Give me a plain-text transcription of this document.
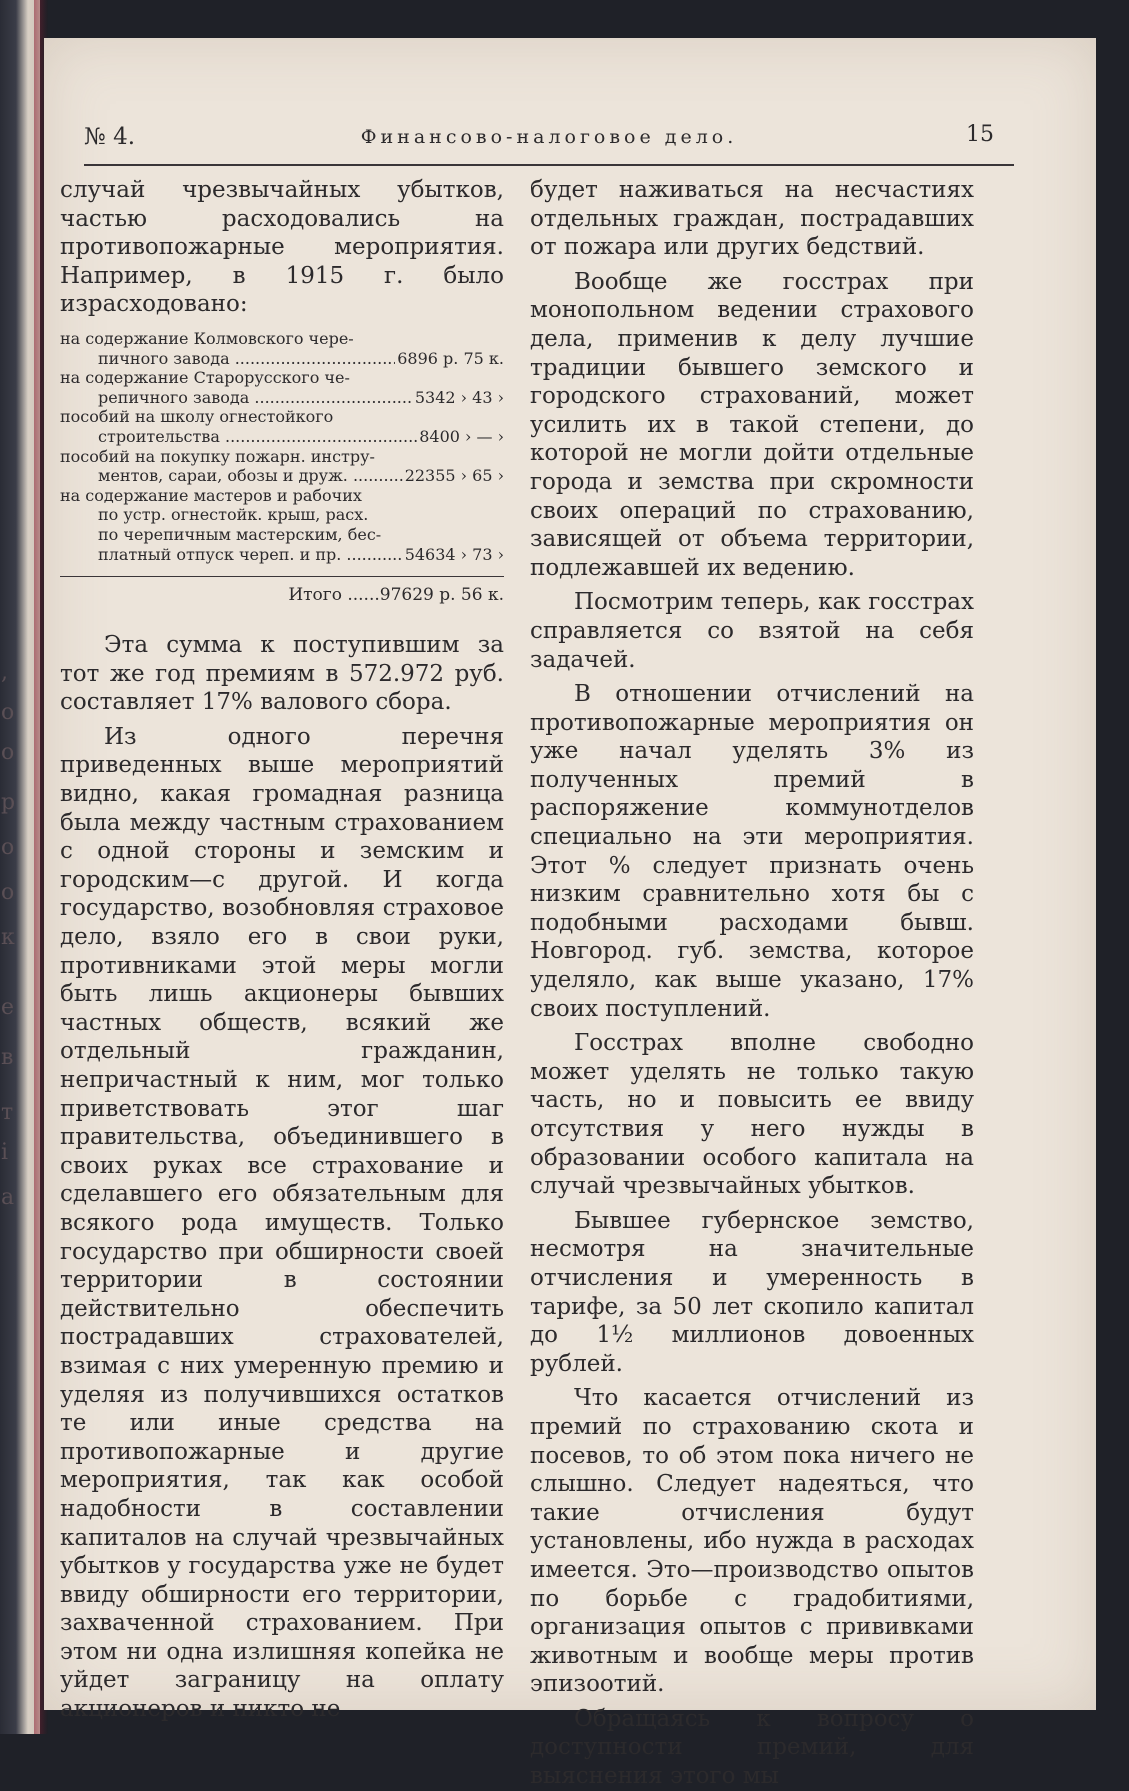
,
о
о
р
о
о
к
е
в
т
і
а
№ 4.	Финансово-налоговое дело.	15

случай чрезвычайных убытков, частью расходовались на противопожарные мероприятия. Например, в 1915 г. было израсходовано:

на содержание Колмовского чере-
пичного завода .....	6896 р. 75 к.
на содержание Старорусского че-
репичного завода .....	5342 › 43 ›
пособий на школу огнестойкого
строительства .....	8400 › — ›
пособий на покупку пожарн. инстру-
ментов, сараи, обозы и друж. .....	22355 › 65 ›
на содержание мастеров и рабочих
по устр. огнестойк. крыш, расх.
по черепичным мастерским, бес-
платный отпуск череп. и пр. .....	54634 › 73 ›
Итого ......97629 р. 56 к.

Эта сумма к поступившим за тот же год премиям в 572.972 руб. составляет 17% валового сбора.

Из одного перечня приведенных выше мероприятий видно, какая громадная разница была между частным страхованием с одной стороны и земским и городским—с другой. И когда государство, возобновляя страховое дело, взяло его в свои руки, противниками этой меры могли быть лишь акционеры бывших частных обществ, всякий же отдельный гражданин, непричастный к ним, мог только приветствовать этог шаг правительства, объединившего в своих руках все страхование и сделавшего его обязательным для всякого рода имуществ. Только государство при обширности своей территории в состоянии действительно обеспечить пострадавших страхователей, взимая с них умеренную премию и уделяя из получившихся остатков те или иные средства на противопожарные и другие мероприятия, так как особой надобности в составлении капиталов на случай чрезвычайных убытков у государства уже не будет ввиду обширности его территории, захваченной страхованием. При этом ни одна излишняя копейка не уйдет заграницу на оплату акционеров и никто не

будет наживаться на несчастиях отдельных граждан, пострадавших от пожара или других бедствий.

Вообще же госстрах при монопольном ведении страхового дела, применив к делу лучшие традиции бывшего земского и городского страхований, может усилить их в такой степени, до которой не могли дойти отдельные города и земства при скромности своих операций по страхованию, зависящей от объема территории, подлежавшей их ведению.

Посмотрим теперь, как госстрах справляется со взятой на себя задачей.

В отношении отчислений на противопожарные мероприятия он уже начал уделять 3% из полученных премий в распоряжение коммунотделов специально на эти мероприятия. Этот % следует признать очень низким сравнительно хотя бы с подобными расходами бывш. Новгород. губ. земства, которое уделяло, как выше указано, 17% своих поступлений.

Госстрах вполне свободно может уделять не только такую часть, но и повысить ее ввиду отсутствия у него нужды в образовании особого капитала на случай чрезвычайных убытков.

Бывшее губернское земство, несмотря на значительные отчисления и умеренность в тарифе, за 50 лет скопило капитал до 1½ миллионов довоенных рублей.

Что касается отчислений из премий по страхованию скота и посевов, то об этом пока ничего не слышно. Следует надеяться, что такие отчисления будут установлены, ибо нужда в расходах имеется. Это—производство опытов по борьбе с градобитиями, организация опытов с прививками животным и вообще меры против эпизоотий.

Обращаясь к вопросу о доступности премий, для выяснения этого мы
